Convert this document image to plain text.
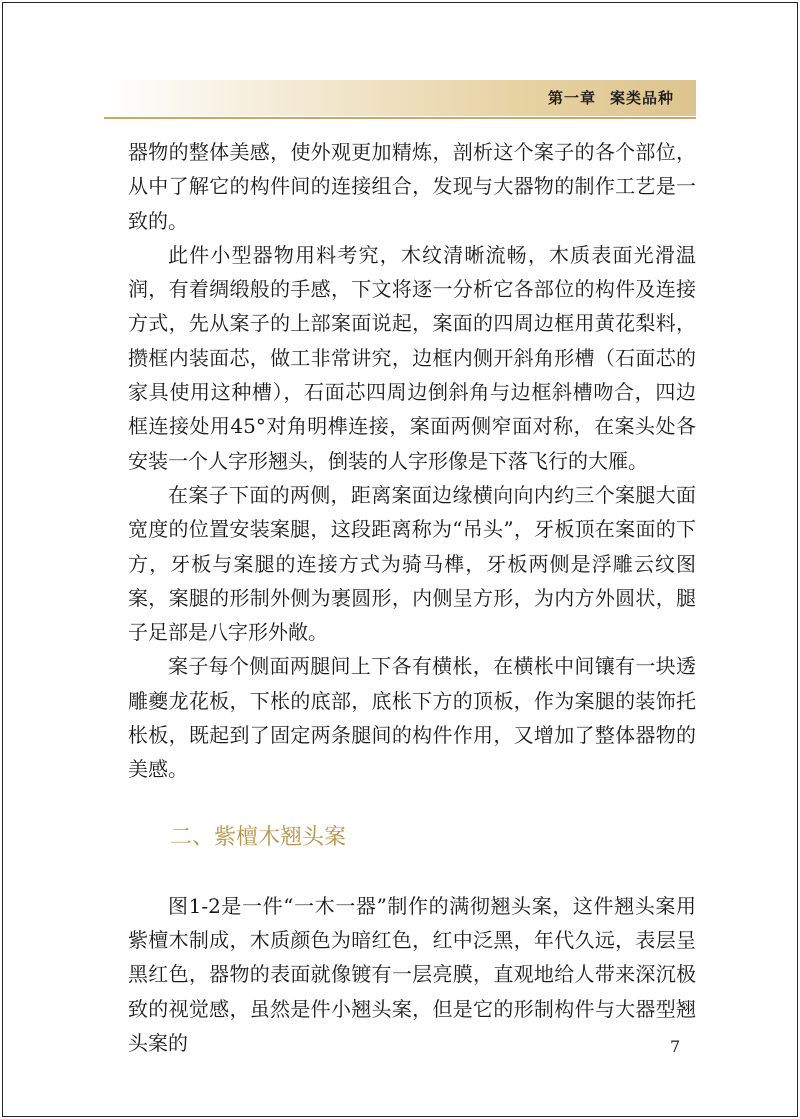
第一章 案类品种

器物的整体美感，使外观更加精炼，剖析这个案子的各个部位，从中了解它的构件间的连接组合，发现与大器物的制作工艺是一致的。

此件小型器物用料考究，木纹清晰流畅，木质表面光滑温润，有着绸缎般的手感，下文将逐一分析它各部位的构件及连接方式，先从案子的上部案面说起，案面的四周边框用黄花梨料，攒框内装面芯，做工非常讲究，边框内侧开斜角形槽（石面芯的家具使用这种槽），石面芯四周边倒斜角与边框斜槽吻合，四边框连接处用45°对角明榫连接，案面两侧窄面对称，在案头处各安装一个人字形翘头，倒装的人字形像是下落飞行的大雁。

在案子下面的两侧，距离案面边缘横向向内约三个案腿大面宽度的位置安装案腿，这段距离称为“吊头”，牙板顶在案面的下方，牙板与案腿的连接方式为骑马榫，牙板两侧是浮雕云纹图案，案腿的形制外侧为裹圆形，内侧呈方形，为内方外圆状，腿子足部是八字形外敞。

案子每个侧面两腿间上下各有横枨，在横枨中间镶有一块透雕夔龙花板，下枨的底部，底枨下方的顶板，作为案腿的装饰托枨板，既起到了固定两条腿间的构件作用，又增加了整体器物的美感。

二、紫檀木翘头案

图1-2是一件“一木一器”制作的满彻翘头案，这件翘头案用紫檀木制成，木质颜色为暗红色，红中泛黑，年代久远，表层呈黑红色，器物的表面就像镀有一层亮膜，直观地给人带来深沉极致的视觉感，虽然是件小翘头案，但是它的形制构件与大器型翘头案的	7
